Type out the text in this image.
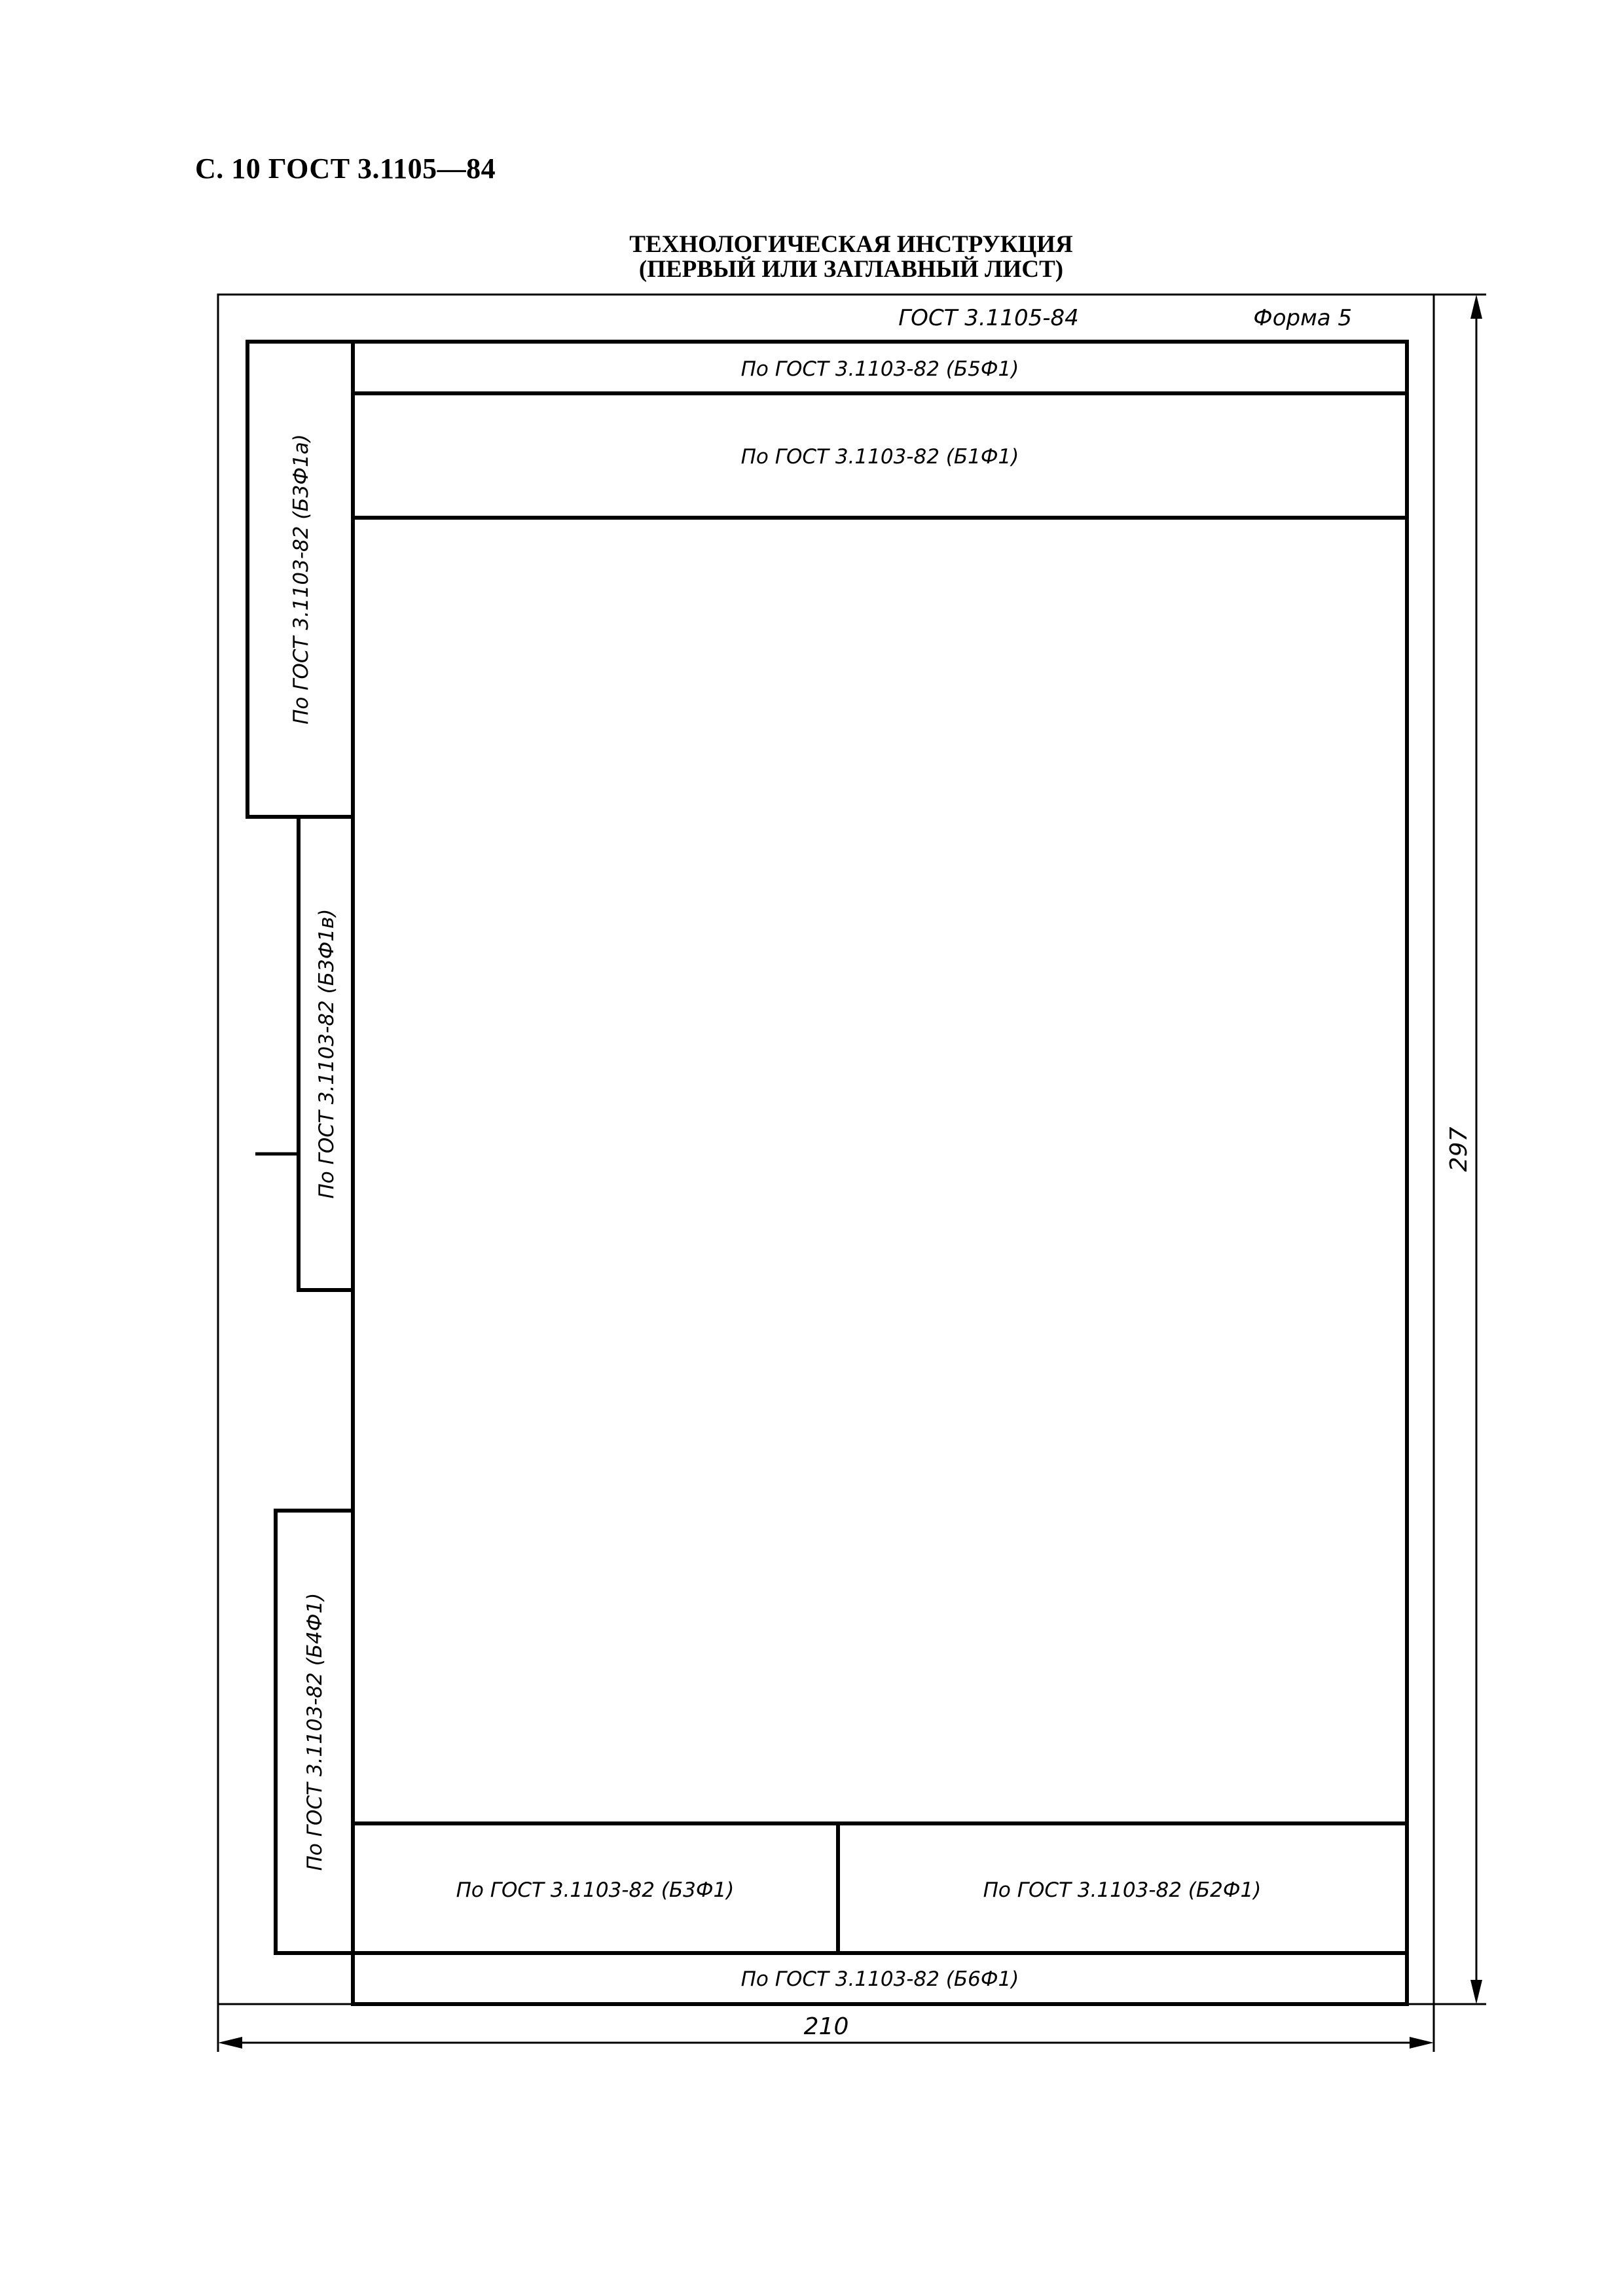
С. 10 ГОСТ 3.1105—84
ТЕХНОЛОГИЧЕСКАЯ ИНСТРУКЦИЯ
(ПЕРВЫЙ ИЛИ ЗАГЛАВНЫЙ ЛИСТ)
ГОСТ 3.1105-84	Форма 5
По ГОСТ 3.1103-82 (Б5Ф1)
По ГОСТ 3.1103-82 (Б1Ф1)
По ГОСТ 3.1103-82 (Б3Ф1)	По ГОСТ 3.1103-82 (Б2Ф1)
По ГОСТ 3.1103-82 (Б6Ф1)
По ГОСТ 3.1103-82 (Б3Ф1а)
По ГОСТ 3.1103-82 (Б3Ф1в)
По ГОСТ 3.1103-82 (Б4Ф1)
210
297
